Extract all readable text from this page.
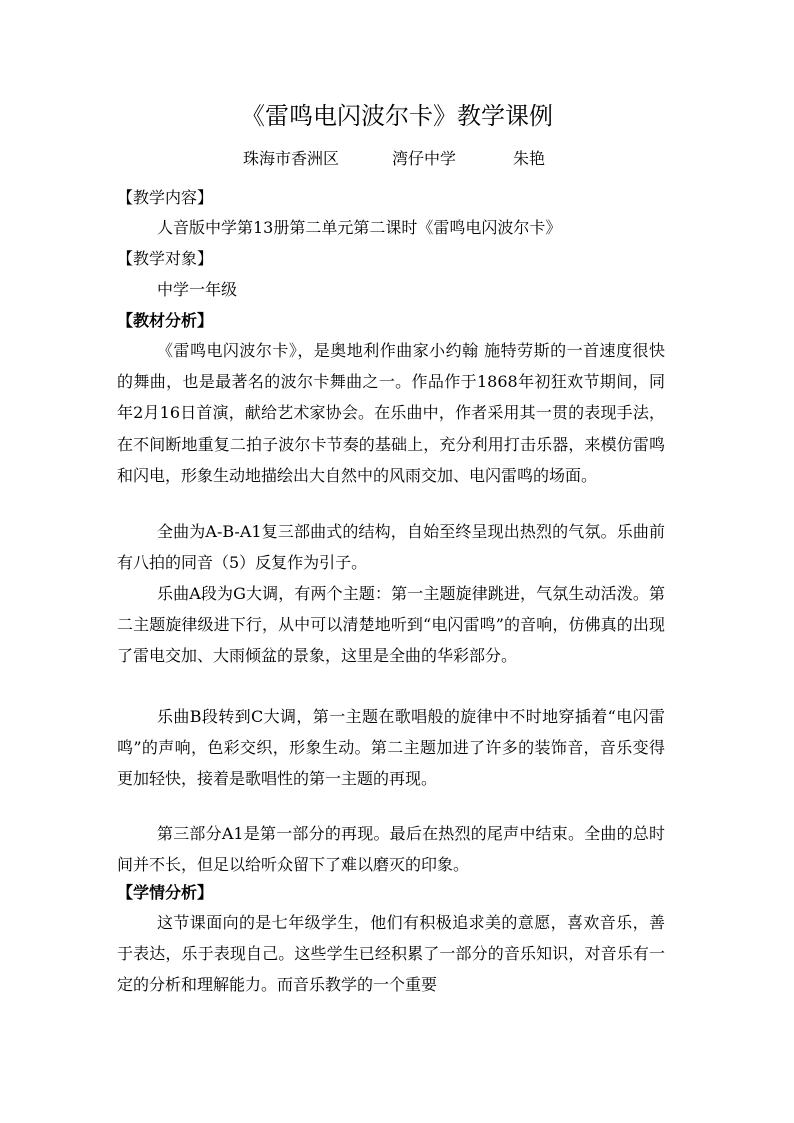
《雷鸣电闪波尔卡》教学课例
珠海市香洲区	湾仔中学	朱艳
【教学内容】
人音版中学第13册第二单元第二课时《雷鸣电闪波尔卡》
【教学对象】
中学一年级
【教材分析】
《雷鸣电闪波尔卡》，是奥地利作曲家小约翰 施特劳斯的一首速度很快的舞曲，也是最著名的波尔卡舞曲之一。作品作于1868年初狂欢节期间，同年2月16日首演，献给艺术家协会。在乐曲中，作者采用其一贯的表现手法，在不间断地重复二拍子波尔卡节奏的基础上，充分利用打击乐器，来模仿雷鸣和闪电，形象生动地描绘出大自然中的风雨交加、电闪雷鸣的场面。
全曲为A-B-A1复三部曲式的结构，自始至终呈现出热烈的气氛。乐曲前有八拍的同音（5）反复作为引子。
乐曲A段为G大调，有两个主题：第一主题旋律跳进，气氛生动活泼。第二主题旋律级进下行，从中可以清楚地听到“电闪雷鸣”的音响，仿佛真的出现了雷电交加、大雨倾盆的景象，这里是全曲的华彩部分。
乐曲B段转到C大调，第一主题在歌唱般的旋律中不时地穿插着“电闪雷鸣”的声响，色彩交织，形象生动。第二主题加进了许多的装饰音，音乐变得更加轻快，接着是歌唱性的第一主题的再现。
第三部分A1是第一部分的再现。最后在热烈的尾声中结束。全曲的总时间并不长，但足以给听众留下了难以磨灭的印象。
【学情分析】
这节课面向的是七年级学生，他们有积极追求美的意愿，喜欢音乐，善于表达，乐于表现自己。这些学生已经积累了一部分的音乐知识，对音乐有一定的分析和理解能力。而音乐教学的一个重要
